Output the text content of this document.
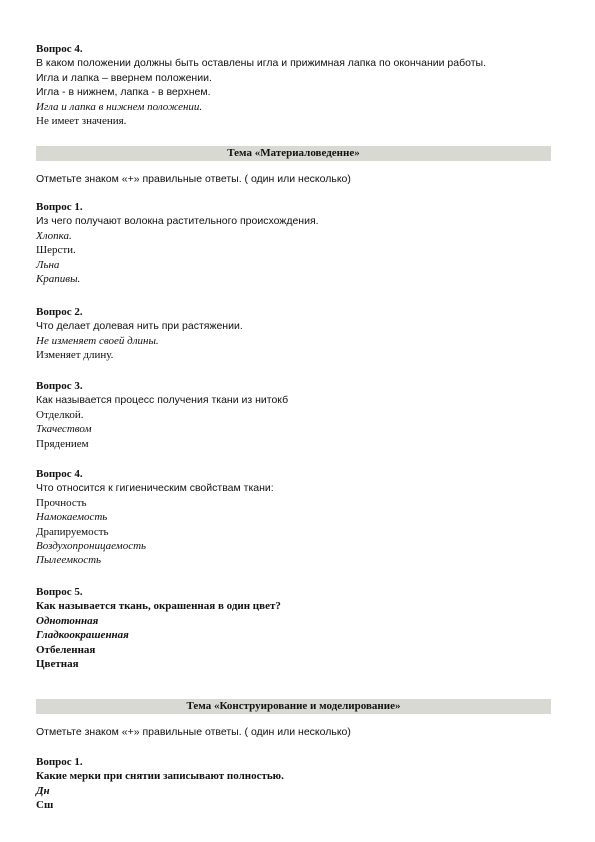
Вопрос 4.
В каком положении должны быть оставлены игла и прижимная лапка по окончании работы.
Игла и лапка – ввернем положении.
Игла - в нижнем, лапка - в верхнем.
Игла и лапка в нижнем положении.
Не имеет значения.
Тема «Материаловеденне»
Отметьте знаком «+» правильные ответы. ( один или несколько)
Вопрос 1.
Из чего получают волокна растительного происхождения.
Хлопка.
Шерсти.
Льна
Крапивы.
Вопрос 2.
Что делает долевая нить при растяжении.
Не изменяет своей длины.
Изменяет длину.
Вопрос 3.
Как называется процесс получения ткани из нитокб
Отделкой.
Ткачеством
Прядением
Вопрос 4.
Что относится к гигиеническим свойствам ткани:
Прочность
Намокаемость
Драпируемость
Воздухопроницаемость
Пылеемкость
Вопрос 5.
Как называется ткань, окрашенная в один цвет?
Однотонная
Гладкоокрашенная
Отбеленная
Цветная
Тема «Конструирование и моделирование»
Отметьте знаком «+» правильные ответы. ( один или несколько)
Вопрос 1.
Какие мерки при снятии записывают полностью.
Дн
Сш
